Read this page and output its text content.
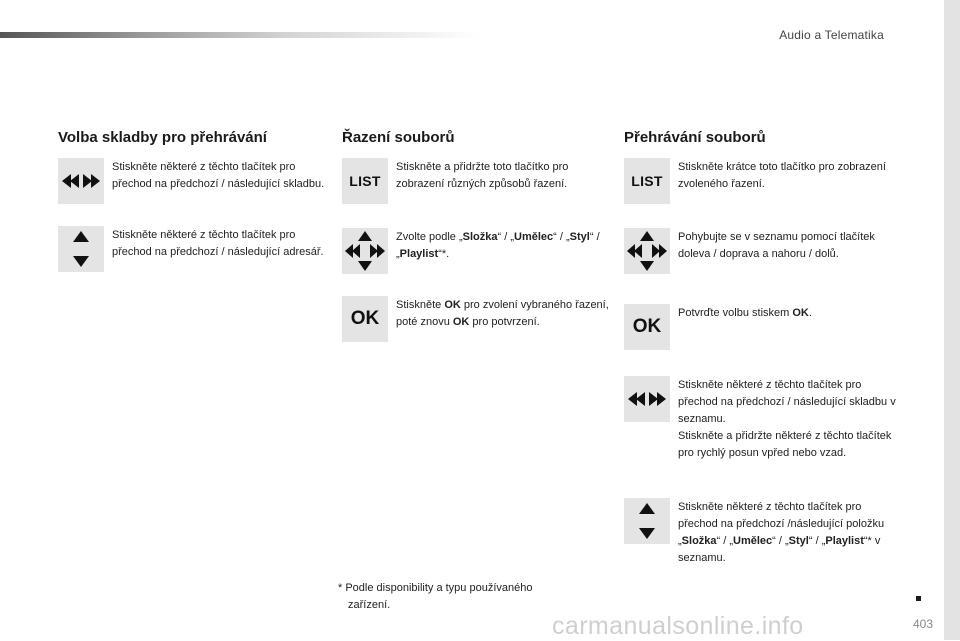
Audio a Telematika
Volba skladby pro přehrávání
Stiskněte některé z těchto tlačítek pro přechod na předchozí / následující skladbu.
Stiskněte některé z těchto tlačítek pro přechod na předchozí / následující adresář.
Řazení souborů
LIST
Stiskněte a přidržte toto tlačítko pro zobrazení různých způsobů řazení.
Zvolte podle „Složka“ / „Umělec“ / „Styl“ / „Playlist“*.
OK
Stiskněte OK pro zvolení vybraného řazení, poté znovu OK pro potvrzení.
Přehrávání souborů
LIST
Stiskněte krátce toto tlačítko pro zobrazení zvoleného řazení.
Pohybujte se v seznamu pomocí tlačítek doleva / doprava a nahoru / dolů.
OK
Potvrďte volbu stiskem OK.
Stiskněte některé z těchto tlačítek pro přechod na předchozí / následující skladbu v seznamu.
Stiskněte a přidržte některé z těchto tlačítek pro rychlý posun vpřed nebo vzad.
Stiskněte některé z těchto tlačítek pro přechod na předchozí /následující položku „Složka“ / „Umělec“ / „Styl“ / „Playlist“* v seznamu.
* Podle disponibility a typu používaného
zařízení.
carmanualsonline.info	403
